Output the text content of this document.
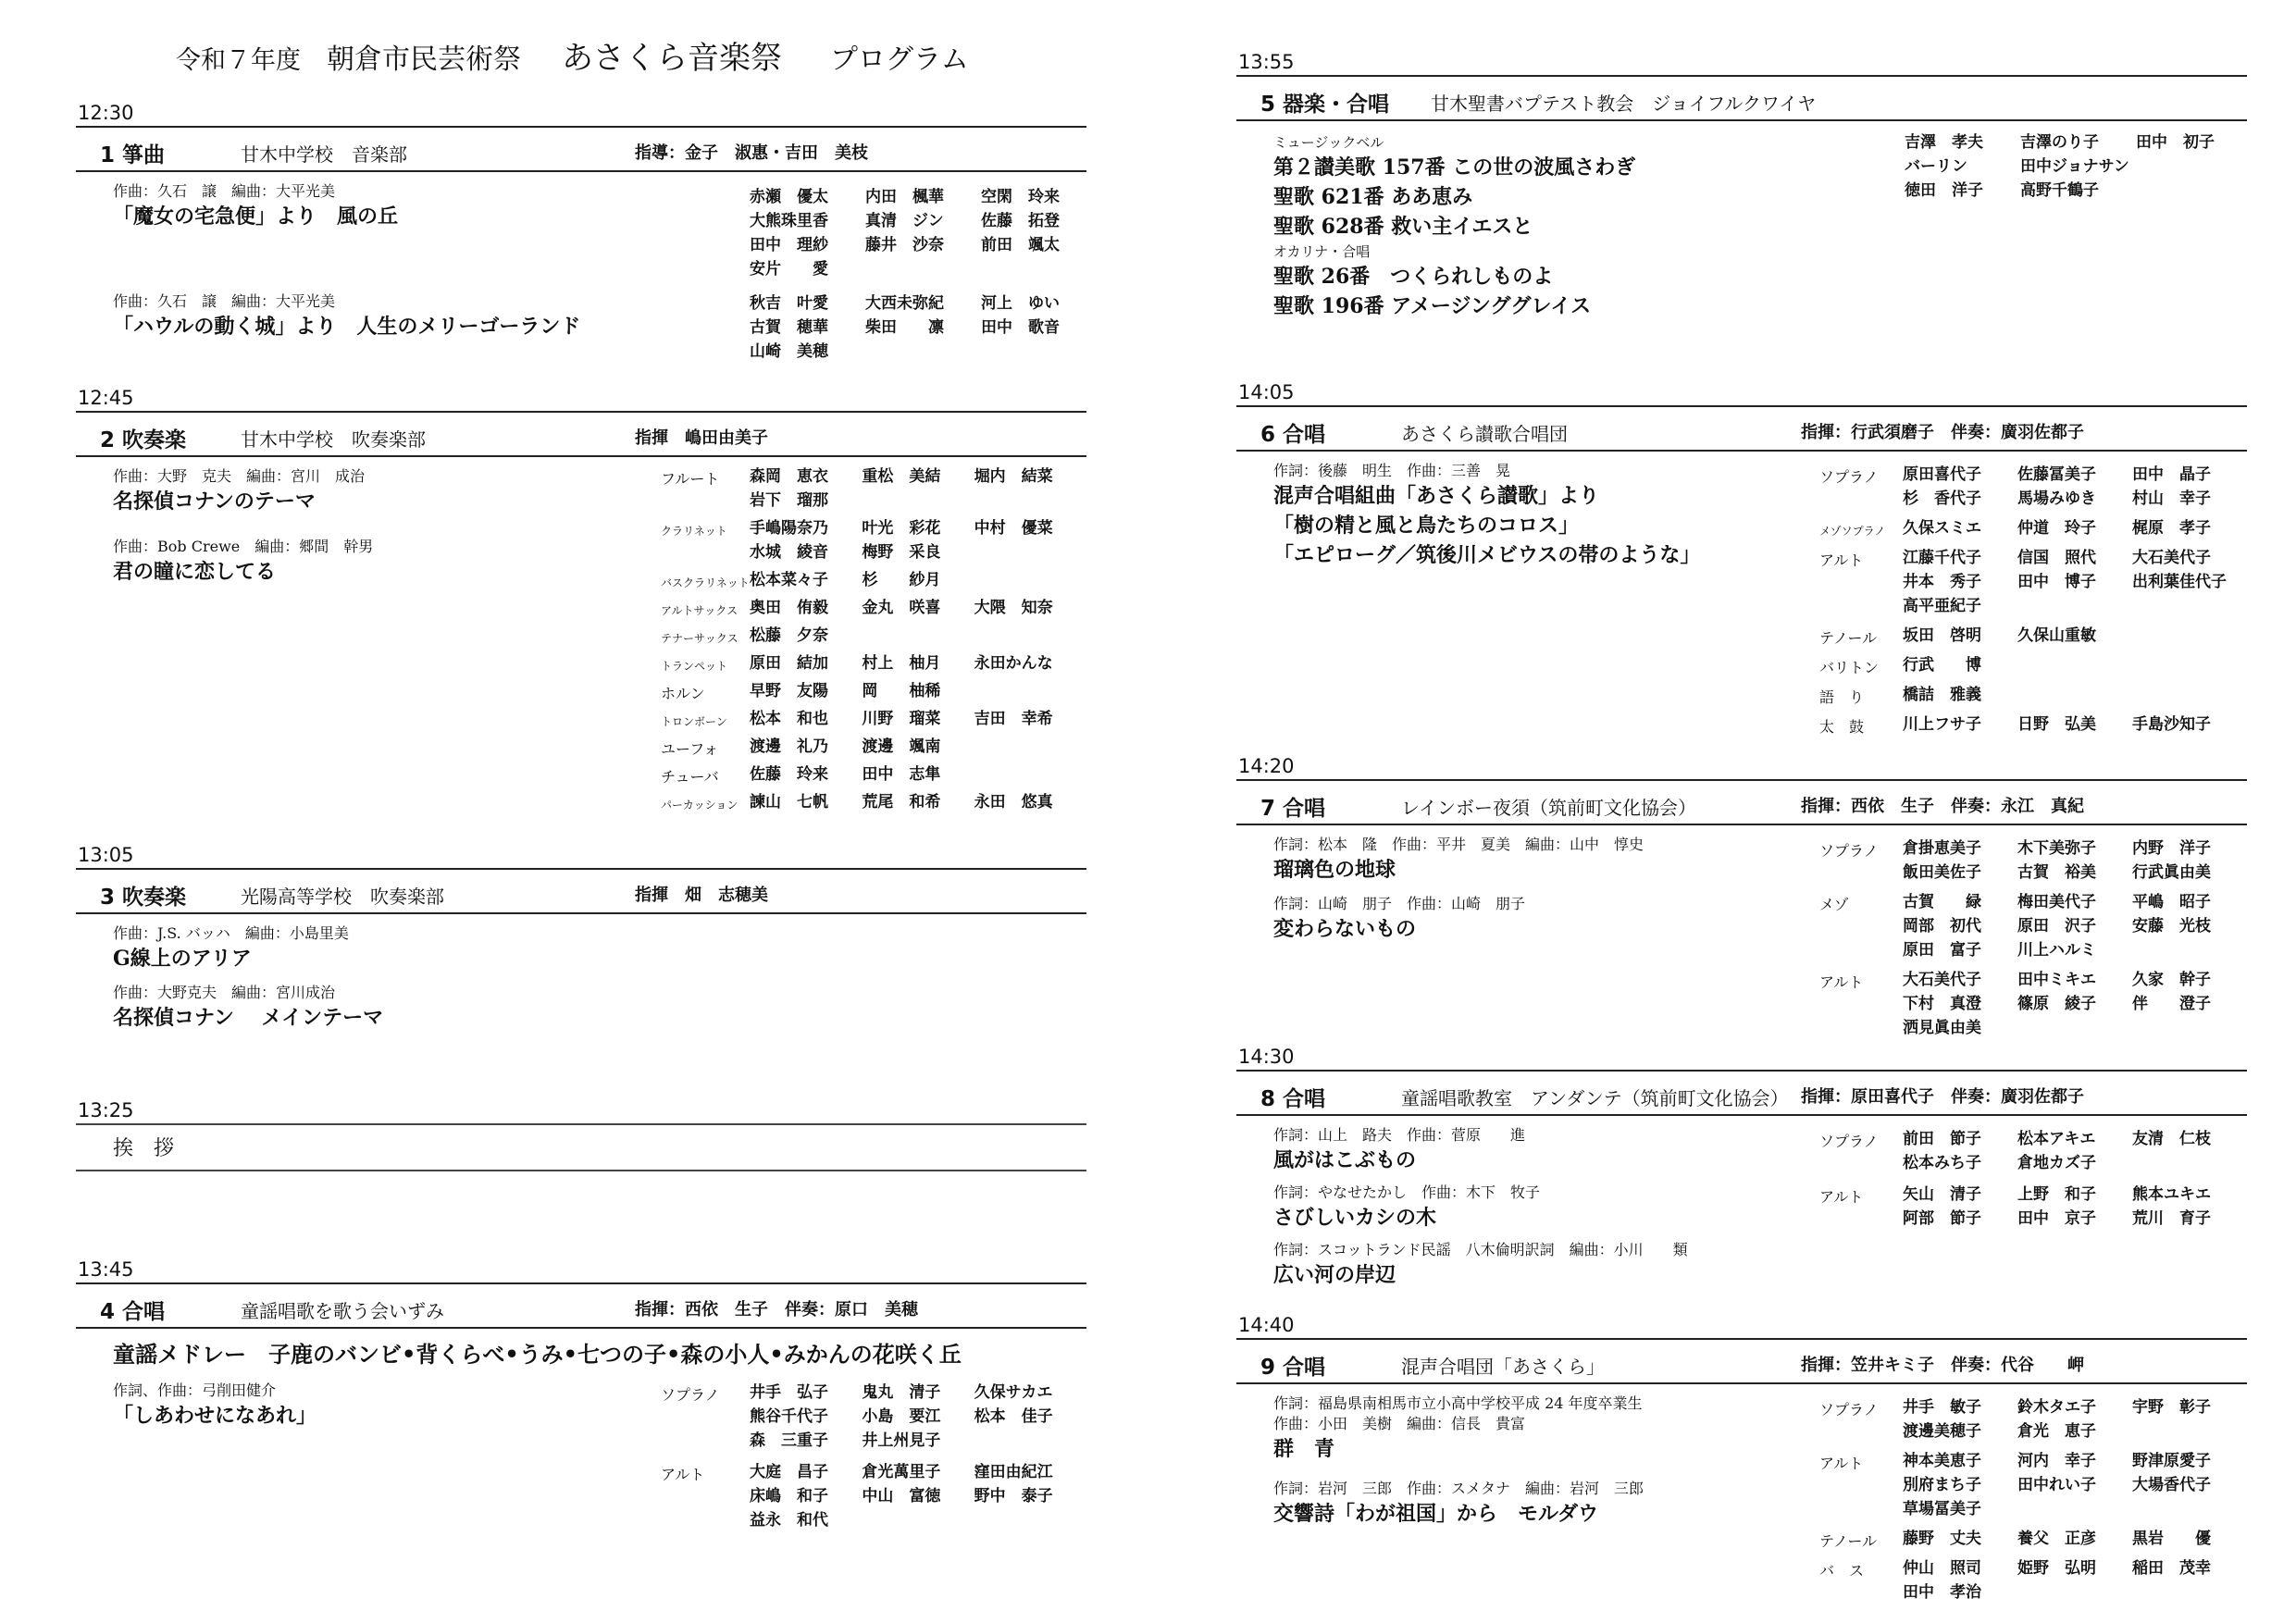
令和７年度 朝倉市民芸術祭 あさくら音楽祭 プログラム
12:30
1 箏曲	甘木中学校　音楽部	指導：金子　淑惠・吉田　美枝
作曲：久石　譲　編曲：大平光美
「魔女の宅急便」より　風の丘
作曲：久石　譲　編曲：大平光美
「ハウルの動く城」より　人生のメリーゴーランド
赤瀬　優太	内田　楓華	空閑　玲来
大熊珠里香	真清　ジン	佐藤　拓登
田中　理紗	藤井　沙奈	前田　颯太
安片　　愛
秋吉　叶愛	大西未弥紀	河上　ゆい
古賀　穂華	柴田　　凛	田中　歌音
山崎　美穂
12:45
2 吹奏楽	甘木中学校　吹奏楽部	指揮　嶋田由美子
作曲：大野　克夫　編曲：宮川　成治
名探偵コナンのテーマ
作曲：Bob Crewe　編曲：郷間　幹男
君の瞳に恋してる
フルート 森岡　恵衣	重松　美結	堀内　結菜
岩下　瑠那
クラリネット 手嶋陽奈乃	叶光　彩花	中村　優菜
水城　綾音	梅野　采良
バスクラリネット 松本菜々子	杉　　紗月
アルトサックス 奥田　侑毅	金丸　咲喜	大隈　知奈
テナーサックス 松藤　夕奈
トランペット 原田　結加	村上　柚月	永田かんな
ホルン	早野　友陽	岡　　柚稀
トロンボーン 松本　和也	川野　瑠菜	吉田　幸希
ユーフォ 渡邊　礼乃	渡邊　颯南
チューバ 佐藤　玲来	田中　志隼
パーカッション 諫山　七帆	荒尾　和希	永田　悠真
13:05
3 吹奏楽	光陽高等学校　吹奏楽部	指揮　畑　志穂美
作曲：J.S. バッハ　編曲：小島里美
G線上のアリア
作曲：大野克夫　編曲：宮川成治
名探偵コナン　 メインテーマ
13:25
挨　拶
13:45
4 合唱	童謡唱歌を歌う会いずみ	指揮：西依　生子　伴奏：原口　美穂
童謡メドレー　子鹿のバンビ•背くらべ•うみ•七つの子•森の小人•みかんの花咲く丘
作詞、作曲：弓削田健介
「しあわせになあれ」
ソプラノ 井手　弘子	鬼丸　清子	久保サカエ
熊谷千代子	小島　要江	松本　佳子
森　三重子	井上州見子
アルト	大庭　昌子	倉光萬里子	窪田由紀江
床嶋　和子	中山　富徳	野中　泰子
益永　和代
13:55
5 器楽・合唱 甘木聖書バプテスト教会　ジョイフルクワイヤ
ミュージックベル
第２讃美歌 157番 この世の波風さわぎ
聖歌 621番 ああ恵み
聖歌 628番 救い主イエスと
オカリナ・合唱
聖歌 26番　つくられしものよ
聖歌 196番 アメージンググレイス
吉澤　孝夫	吉澤のり子	田中　初子
バーリン	田中ジョナサン
徳田　洋子	高野千鶴子
14:05
6 合唱	あさくら讃歌合唱団	指揮：行武須磨子　伴奏：廣羽佐都子
作詞：後藤　明生　作曲：三善　晃
混声合唱組曲「あさくら讃歌」より
「樹の精と風と鳥たちのコロス」
「エピローグ／筑後川メビウスの帯のような」
ソプラノ 原田喜代子	佐藤冨美子	田中　晶子
杉　香代子	馬場みゆき	村山　幸子
メゾソプラノ 久保スミエ	仲道　玲子	梶原　孝子
アルト	江藤千代子	信国　照代	大石美代子
井本　秀子	田中　博子	出利葉佳代子
高平亜紀子
テノール 坂田　啓明	久保山重敏
バリトン 行武　　博
語　り 橋詰　雅義
太　鼓 川上フサ子	日野　弘美	手島沙知子
14:20
7 合唱	レインボー夜須（筑前町文化協会）	指揮：西依　生子　伴奏：永江　真紀
作詞：松本　隆　作曲：平井　夏美　編曲：山中　惇史
瑠璃色の地球
作詞：山崎　朋子　作曲：山崎　朋子
変わらないもの
ソプラノ 倉掛恵美子	木下美弥子	内野　洋子
飯田美佐子	古賀　裕美	行武眞由美
メゾ	古賀　　緑	梅田美代子	平嶋　昭子
岡部　初代	原田　沢子	安藤　光枝
原田　富子	川上ハルミ
アルト	大石美代子	田中ミキエ	久家　幹子
下村　真澄	篠原　綾子	伴　　澄子
洒見眞由美
14:30
8 合唱	童謡唱歌教室　アンダンテ（筑前町文化協会） 指揮：原田喜代子　伴奏：廣羽佐都子
作詞：山上　路夫　作曲：菅原　　進
風がはこぶもの
作詞：やなせたかし　作曲：木下　牧子
さびしいカシの木
作詞：スコットランド民謡　八木倫明訳詞　編曲：小川　　類
広い河の岸辺
ソプラノ 前田　節子	松本アキエ	友清　仁枝
松本みち子	倉地カズ子
アルト	矢山　清子	上野　和子	熊本ユキエ
阿部　節子	田中　京子	荒川　育子
14:40
9 合唱	混声合唱団「あさくら」	指揮：笠井キミ子　伴奏：代谷　　岬
作詞：福島県南相馬市立小高中学校平成 24 年度卒業生
作曲：小田　美樹　編曲：信長　貴富
群　青
作詞：岩河　三郎　作曲：スメタナ　編曲：岩河　三郎
交響詩「わが祖国」から　モルダウ
ソプラノ 井手　敏子	鈴木タエ子	宇野　彰子
渡邊美穂子	倉光　恵子
アルト	神本美恵子	河内　幸子	野津原愛子
別府まち子	田中れい子	大場香代子
草場冨美子
テノール 藤野　丈夫	養父　正彦	黒岩　　優
バ　ス 仲山　照司	姫野　弘明	稲田　茂幸
田中　孝治
